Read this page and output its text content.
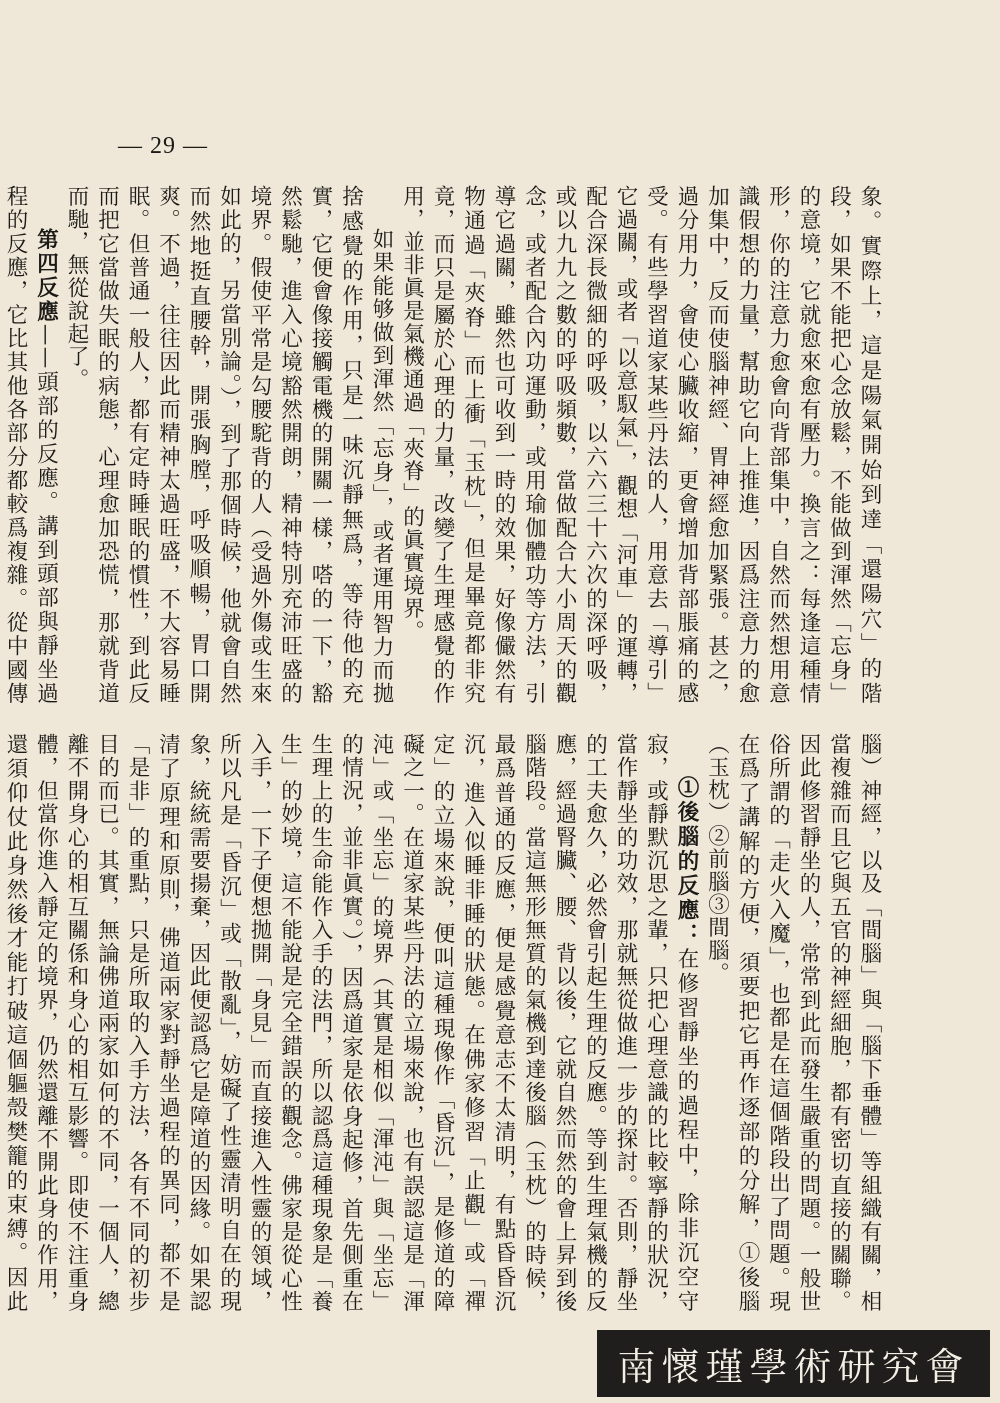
— 29 —

象。實際上，這是陽氣開始到達「還陽穴」的階段，如果不能把心念放鬆，不能做到渾然「忘身」的意境，它就愈來愈有壓力。換言之：每逢這種情形，你的注意力愈會向背部集中，自然而然想用意識假想的力量，幫助它向上推進，因爲注意力的愈加集中，反而使腦神經、胃神經愈加緊張。甚之，過分用力，會使心臟收縮，更會增加背部脹痛的感受。有些學習道家某些丹法的人，用意去「導引」它過關，或者「以意馭氣」，觀想「河車」的運轉，配合深長微細的呼吸，以六六三十六次的深呼吸，或以九九之數的呼吸頻數，當做配合大小周天的觀念，或者配合內功運動，或用瑜伽體功等方法，引導它過關，雖然也可收到一時的效果，好像儼然有物通過「夾脊」而上衝「玉枕」，但是畢竟都非究竟，而只是屬於心理的力量，改變了生理感覺的作用，並非眞是氣機通過「夾脊」的眞實境界。

如果能够做到渾然「忘身」，或者運用智力而拋捨感覺的作用，只是一味沉靜無爲，等待他的充實，它便會像接觸電機的開關一樣，嗒的一下，豁然鬆馳，進入心境豁然開朗，精神特別充沛旺盛的境界。假使平常是勾腰駝背的人（受過外傷或生來如此的，另當別論。），到了那個時候，他就會自然而然地挺直腰幹，開張胸膛，呼吸順暢，胃口開爽。不過，往往因此而精神太過旺盛，不大容易睡眠。但普通一般人，都有定時睡眠的慣性，到此反而把它當做失眠的病態，心理愈加恐慌，那就背道而馳，無從說起了。

第四反應——頭部的反應。講到頭部與靜坐過程的反應，它比其他各部分都較爲複雜。從中國傳

腦）神經，以及「間腦」與「腦下垂體」等組織有關，相當複雜而且它與五官的神經細胞，都有密切直接的關聯。因此修習靜坐的人，常常到此而發生嚴重的問題。一般世俗所謂的「走火入魔」，也都是在這個階段出了問題。現在爲了講解的方便，須要把它再作逐部的分解，①後腦（玉枕）②前腦③間腦。

①後腦的反應：在修習靜坐的過程中，除非沉空守寂，或靜默沉思之輩，只把心理意識的比較寧靜的狀況，當作靜坐的功效，那就無從做進一步的探討。否則，靜坐的工夫愈久，必然會引起生理的反應。等到生理氣機的反應，經過腎臟、腰、背以後，它就自然而然的會上昇到後腦階段。當這無形無質的氣機到達後腦（玉枕）的時候，最爲普通的反應，便是感覺意志不太清明，有點昏昏沉沉，進入似睡非睡的狀態。在佛家修習「止觀」或「禪定」的立場來說，便叫這種現像作「昏沉」，是修道的障礙之一。在道家某些丹法的立場來說，也有誤認這是「渾沌」或「坐忘」的境界（其實是相似「渾沌」與「坐忘」的情況，並非眞實。），因爲道家是依身起修，首先側重在生理上的生命能作入手的法門，所以認爲這種現象是「養生」的妙境，這不能說是完全錯誤的觀念。佛家是從心性入手，一下子便想拋開「身見」而直接進入性靈的領域，所以凡是「昏沉」或「散亂」，妨礙了性靈清明自在的現象，統統需要揚棄，因此便認爲它是障道的因緣。如果認清了原理和原則，佛道兩家對靜坐過程的異同，都不是「是非」的重點，只是所取的入手方法，各有不同的初步目的而已。其實，無論佛道兩家如何的不同，一個人，總離不開身心的相互關係和身心的相互影響。即使不注重身體，但當你進入靜定的境界，仍然還離不開此身的作用，還須仰仗此身然後才能打破這個軀殼樊籠的束縛。因此

南懷瑾學術研究會
